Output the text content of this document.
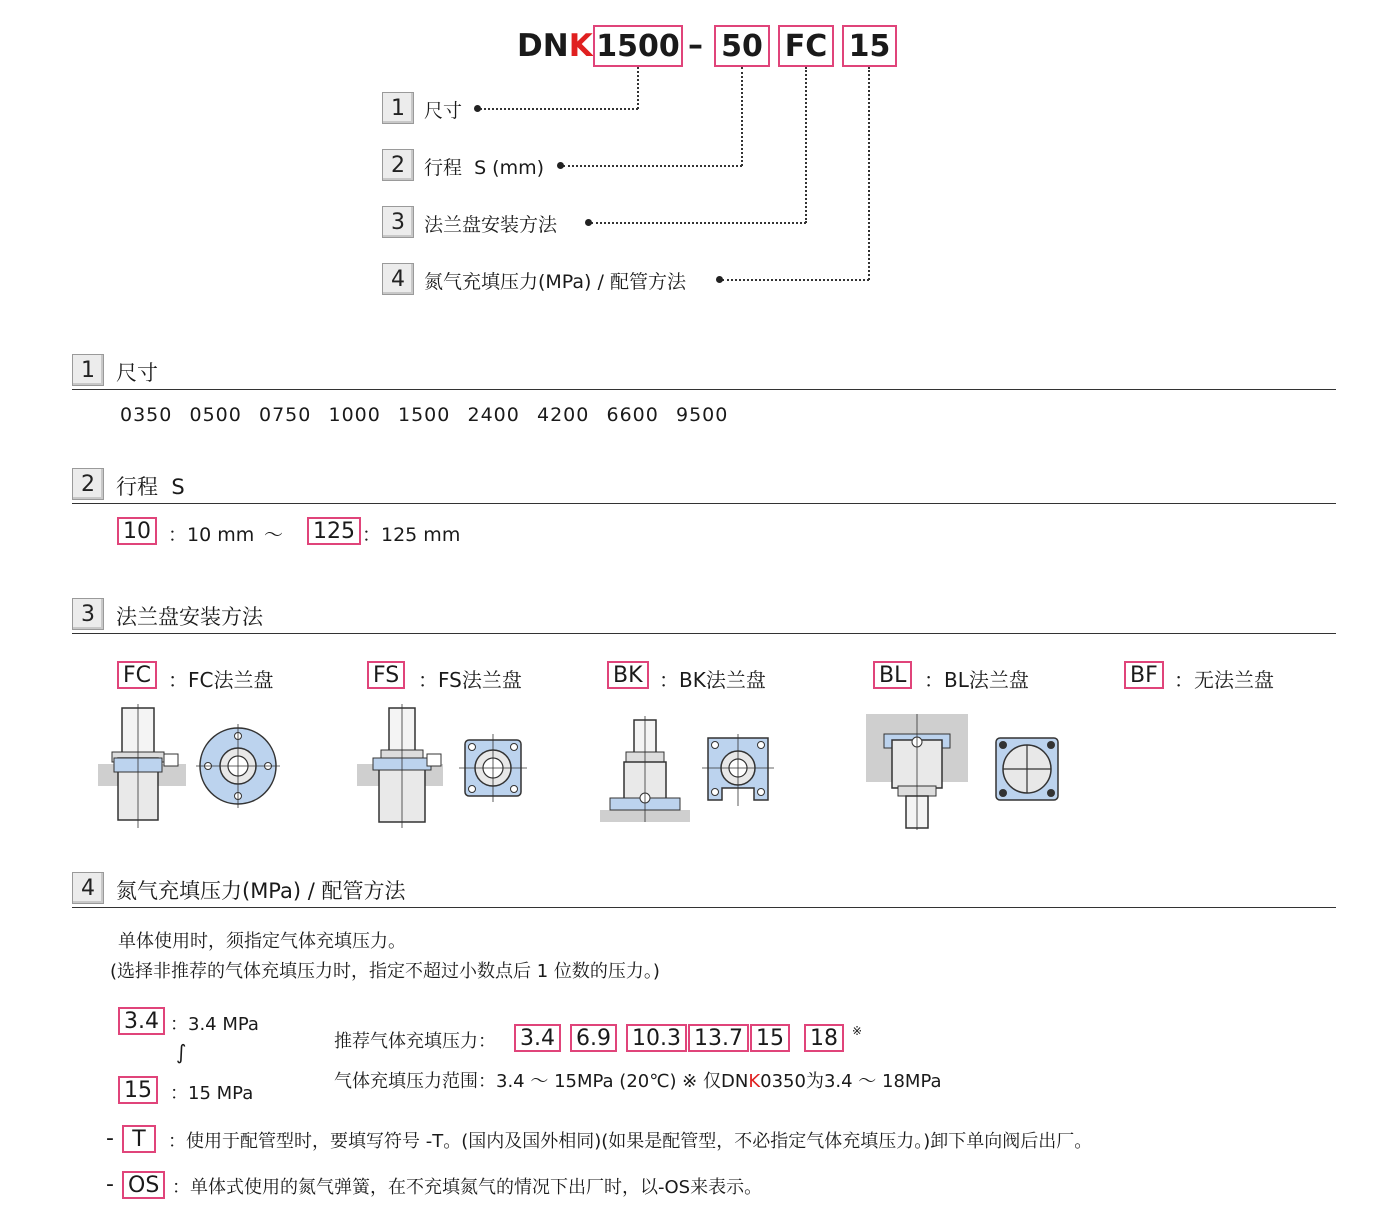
DNK 1500 – 50 FC 15
1	尺寸
2	行程  S (mm)
3	法兰盘安装方法
4	氮气充填压力(MPa) / 配管方法
1	尺寸
0350 0500 0750 1000 1500 2400 4200 6600 9500
2	行程  S
10 ：10 mm ～ 125 ：125 mm
3	法兰盘安装方法
FC ：FC法兰盘	FS ：FS法兰盘	BK ：BK法兰盘	BL ：BL法兰盘	BF ：无法兰盘
4	氮气充填压力(MPa) / 配管方法
单体使用时，须指定气体充填压力。
(选择非推荐的气体充填压力时，指定不超过小数点后 1 位数的压力。)
3.4 ：3.4 MPa
∫
15	：15 MPa
推荐气体充填压力： 3.4 6.9 10.3 13.7 15 18	※
气体充填压力范围：3.4 ～ 15MPa (20℃) ※ 仅DNK0350为3.4 ～ 18MPa
- T	：使用于配管型时，要填写符号 -T。(国内及国外相同)(如果是配管型，不必指定气体充填压力。)卸下单向阀后出厂。
- OS ：单体式使用的氮气弹簧，在不充填氮气的情况下出厂时，以-OS来表示。
